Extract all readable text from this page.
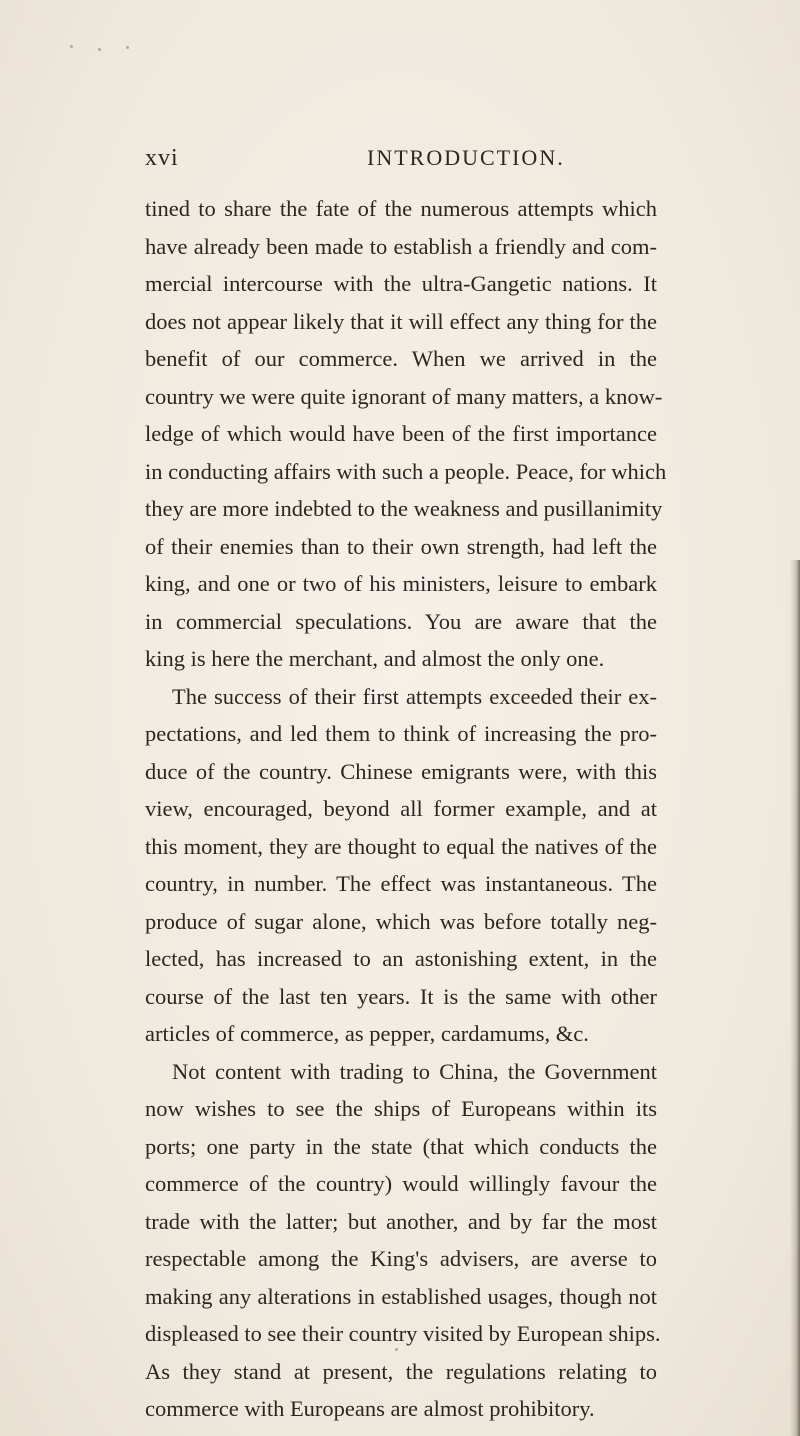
xvi	INTRODUCTION.
tined to share the fate of the numerous attempts which
have already been made to establish a friendly and com-
mercial intercourse with the ultra-Gangetic nations. It
does not appear likely that it will effect any thing for the
benefit of our commerce. When we arrived in the
country we were quite ignorant of many matters, a know-
ledge of which would have been of the first importance
in conducting affairs with such a people. Peace, for which
they are more indebted to the weakness and pusillanimity
of their enemies than to their own strength, had left the
king, and one or two of his ministers, leisure to embark
in commercial speculations. You are aware that the
king is here the merchant, and almost the only one.
The success of their first attempts exceeded their ex-
pectations, and led them to think of increasing the pro-
duce of the country. Chinese emigrants were, with this
view, encouraged, beyond all former example, and at
this moment, they are thought to equal the natives of the
country, in number. The effect was instantaneous. The
produce of sugar alone, which was before totally neg-
lected, has increased to an astonishing extent, in the
course of the last ten years. It is the same with other
articles of commerce, as pepper, cardamums, &c.
Not content with trading to China, the Government
now wishes to see the ships of Europeans within its
ports; one party in the state (that which conducts the
commerce of the country) would willingly favour the
trade with the latter; but another, and by far the most
respectable among the King's advisers, are averse to
making any alterations in established usages, though not
displeased to see their country visited by European ships.
As they stand at present, the regulations relating to
commerce with Europeans are almost prohibitory.
